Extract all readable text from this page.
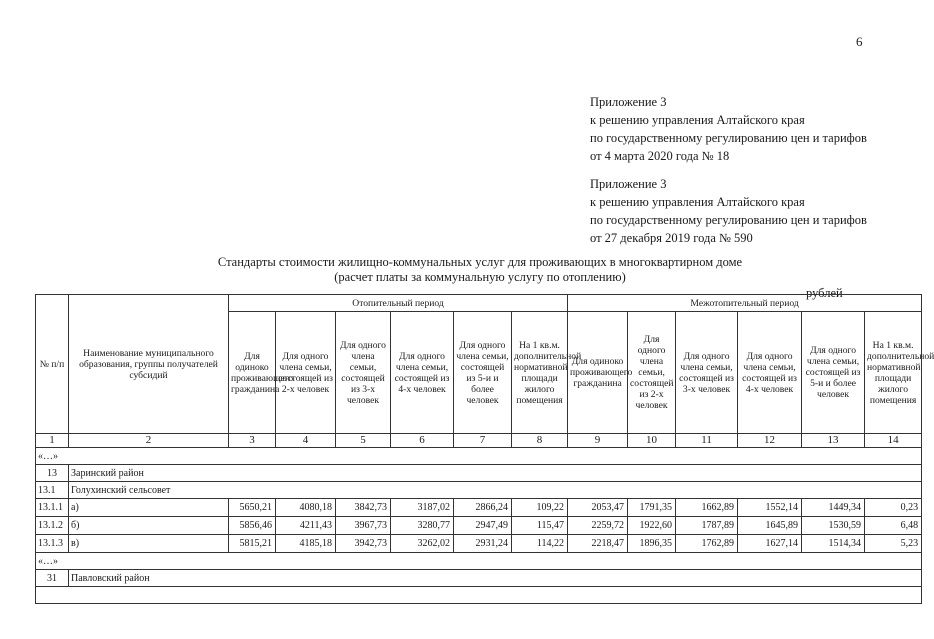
6
Приложение 3
к решению управления Алтайского края
по государственному регулированию цен и тарифов
от 4 марта 2020 года № 18
Приложение 3
к решению управления Алтайского края
по государственному регулированию цен и тарифов
от 27 декабря 2019 года № 590
Стандарты стоимости жилищно-коммунальных услуг для проживающих в многоквартирном доме
(расчет платы за коммунальную услугу по отоплению)
рублей
№ п/п	Наименование муниципального образования, группы получателей субсидий	Отопительный период						Межотопительный период					
		Для одиноко проживающего гражданина	Для одного члена семьи, состоящей из 2-х человек	Для одного члена семьи, состоящей из 3-х человек	Для одного члена семьи, состоящей из 4-х человек	Для одного члена семьи, состоящей из 5-и и более человек	На 1 кв.м. дополнительной нормативной площади жилого помещения	Для одиноко проживающего гражданина	Для одного члена семьи, состоящей из 2-х человек	Для одного члена семьи, состоящей из 3-х человек	Для одного члена семьи, состоящей из 4-х человек	Для одного члена семьи, состоящей из 5-и и более человек	На 1 кв.м. дополнительной нормативной площади жилого помещения
1	2	3	4	5	6	7	8	9	10	11	12	13	14
«…»													
13	Заринский район												
13.1	Голухинский сельсовет												
13.1.1	а)	5650,21	4080,18	3842,73	3187,02	2866,24	109,22	2053,47	1791,35	1662,89	1552,14	1449,34	0,23
13.1.2	б)	5856,46	4211,43	3967,73	3280,77	2947,49	115,47	2259,72	1922,60	1787,89	1645,89	1530,59	6,48
13.1.3	в)	5815,21	4185,18	3942,73	3262,02	2931,24	114,22	2218,47	1896,35	1762,89	1627,14	1514,34	5,23
«…»													
31	Павловский район												
